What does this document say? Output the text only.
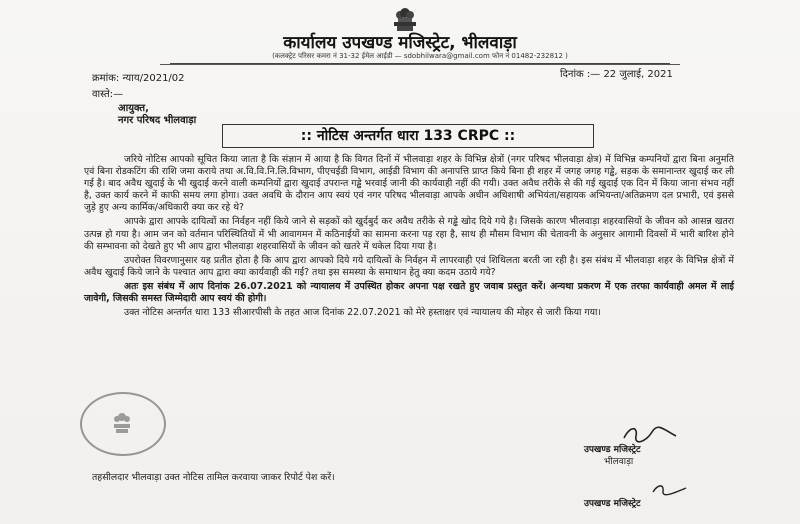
कार्यालय उपखण्ड मजिस्ट्रेट, भीलवाड़ा
(कलक्ट्रेट परिसर कमरा नं 31-32 ईमेल आईडी — sdobhilwara@gmail.com फोन नं 01482-232812 )
क्रमांक: न्याय/2021/02	दिनांक :— 22 जुलाई, 2021
वास्ते:—
आयुक्त,
नगर परिषद भीलवाड़ा
:: नोटिस अन्तर्गत धारा 133 CRPC ::

जरिये नोटिस आपको सूचित किया जाता है कि संज्ञान में आया है कि विगत दिनों में भीलवाड़ा शहर के विभिन्न क्षेत्रों (नगर परिषद भीलवाड़ा क्षेत्र) में विभिन्न कम्पनियों द्वारा बिना अनुमति एवं बिना रोडकटिंग की राशि जमा कराये तथा अ.वि.वि.नि.लि.विभाग, पीएचईडी विभाग, आईडी विभाग की अनापत्ति प्राप्त किये बिना ही शहर में जगह जगह गड्ढे, सड़क के समानान्तर खुदाई कर ली गई है। बाद अवैध खुदाई के भी खुदाई करने वाली कम्पनियों द्वारा खुदाई उपरान्त गड्ढे भरवाई जानी की कार्यवाही नहीं की गयी। उक्त अवैध तरीके से की गई खुदाई एक दिन में किया जाना संभव नहीं है, उक्त कार्य करने में काफी समय लगा होगा। उक्त अवधि के दौरान आप स्वयं एवं नगर परिषद भीलवाड़ा आपके अधीन अधिशाषी अभियंता/सहायक अभियन्ता/अतिक्रमण दल प्रभारी, एवं इससे जुड़े हुए अन्य कार्मिक/अधिकारी क्या कर रहे थे?

आपके द्वारा आपके दायित्वों का निर्वहन नहीं किये जाने से सड़कों को खुर्दबुर्द कर अवैध तरीके से गड्ढे खोद दिये गये है। जिसके कारण भीलवाड़ा शहरवासियों के जीवन को आसन्न खतरा उत्पन्न हो गया है। आम जन को वर्तमान परिस्थितियों में भी आवागमन में कठिनाईयों का सामना करना पड़ रहा है, साथ ही मौसम विभाग की चेतावनी के अनुसार आगामी दिवसों में भारी बारिश होने की सम्भावना को देखते हुए भी आप द्वारा भीलवाड़ा शहरवासियों के जीवन को खतरे में धकेल दिया गया है।

उपरोक्त विवरणानुसार यह प्रतीत होता है कि आप द्वारा आपको दिये गये दायित्वों के निर्वहन में लापरवाही एवं शिथिलता बरती जा रही है। इस संबंध में भीलवाड़ा शहर के विभिन्न क्षेत्रों में अवैध खुदाई किये जाने के पश्चात आप द्वारा क्या कार्यवाही की गई? तथा इस समस्या के समाधान हेतु क्या कदम उठाये गये?

अतः इस संबंध में आप दिनांक 26.07.2021 को न्यायालय में उपस्थित होकर अपना पक्ष रखते हुए जवाब प्रस्तुत करें। अन्यथा प्रकरण में एक तरफा कार्यवाही अमल में लाई जावेगी, जिसकी समस्त जिम्मेदारी आप स्वयं की होगी।

उक्त नोटिस अन्तर्गत धारा 133 सीआरपीसी के तहत आज दिनांक 22.07.2021 को मेरे हस्ताक्षर एवं न्यायालय की मोहर से जारी किया गया।

उपखण्ड मजिस्ट्रेट
भीलवाड़ा
तहसीलदार भीलवाड़ा उक्त नोटिस तामिल करवाया जाकर रिपोर्ट पेश करें।
उपखण्ड मजिस्ट्रेट
